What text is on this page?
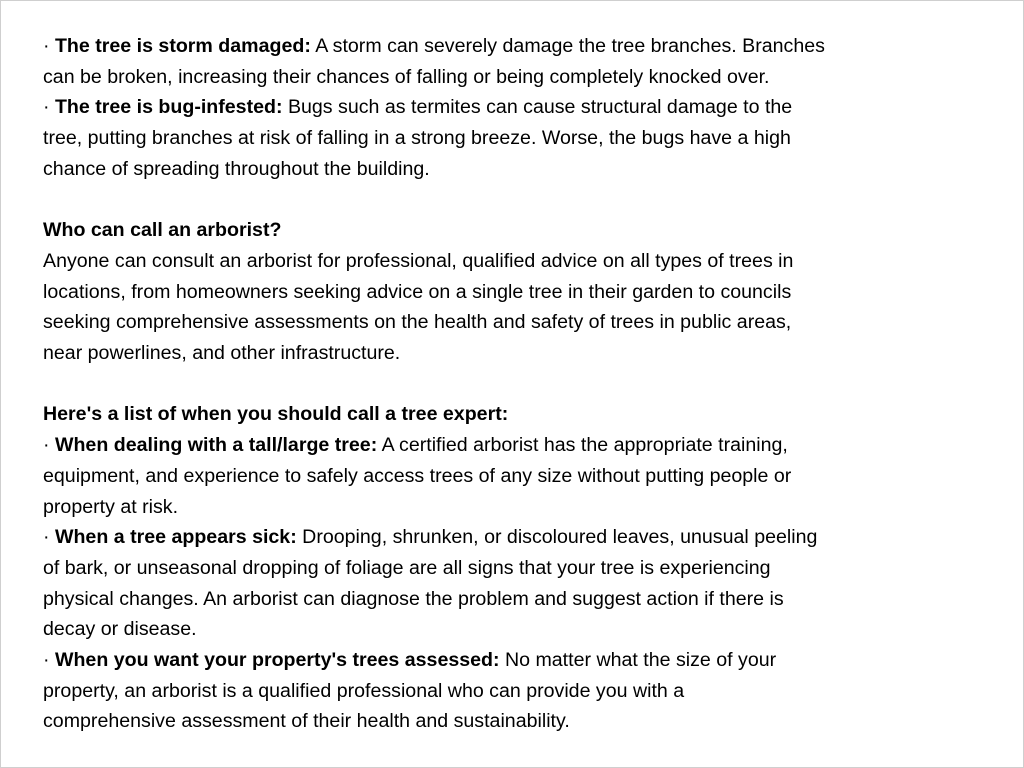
· The tree is storm damaged: A storm can severely damage the tree branches. Branches
can be broken, increasing their chances of falling or being completely knocked over.
· The tree is bug-infested: Bugs such as termites can cause structural damage to the
tree, putting branches at risk of falling in a strong breeze. Worse, the bugs have a high
chance of spreading throughout the building.
Who can call an arborist?
Anyone can consult an arborist for professional, qualified advice on all types of trees in
locations, from homeowners seeking advice on a single tree in their garden to councils
seeking comprehensive assessments on the health and safety of trees in public areas,
near powerlines, and other infrastructure.
Here's a list of when you should call a tree expert:
· When dealing with a tall/large tree: A certified arborist has the appropriate training,
equipment, and experience to safely access trees of any size without putting people or
property at risk.
· When a tree appears sick: Drooping, shrunken, or discoloured leaves, unusual peeling
of bark, or unseasonal dropping of foliage are all signs that your tree is experiencing
physical changes. An arborist can diagnose the problem and suggest action if there is
decay or disease.
· When you want your property's trees assessed: No matter what the size of your
property, an arborist is a qualified professional who can provide you with a
comprehensive assessment of their health and sustainability.
